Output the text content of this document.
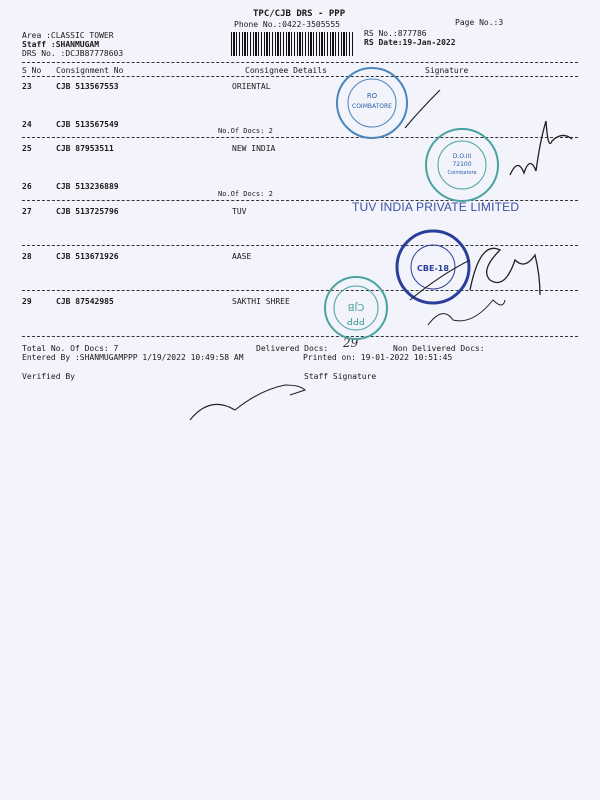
TPC/CJB DRS - PPP
Phone No.:0422-3505555	Page No.:3
Area :CLASSIC TOWER
Staff :SHANMUGAM
DRS No. :DCJB87778603
RS No.:877786
RS Date:19-Jan-2022
S No Consignment No	Consignee Details	Signature
23	CJB 513567553	ORIENTAL
24	CJB 513567549
No.Of Docs: 2
25	CJB 87953511	NEW INDIA
26	CJB 513236889
No.Of Docs: 2
27	CJB 513725796	TUV
28	CJB 513671926	AASE
29	CJB 87542985	SAKTHI SHREE
Total No. Of Docs: 7	Delivered Docs: 29	Non Delivered Docs:
Entered By :SHANMUGAMPPP 1/19/2022 10:49:58 AM	Printed on: 19-01-2022 10:51:45
Verified By	Staff Signature
RO
COIMBATORE
D.O.III
72100
Coimbatore
CBE-18
CJB
PPP
TUV INDIA PRIVATE LIMITED
